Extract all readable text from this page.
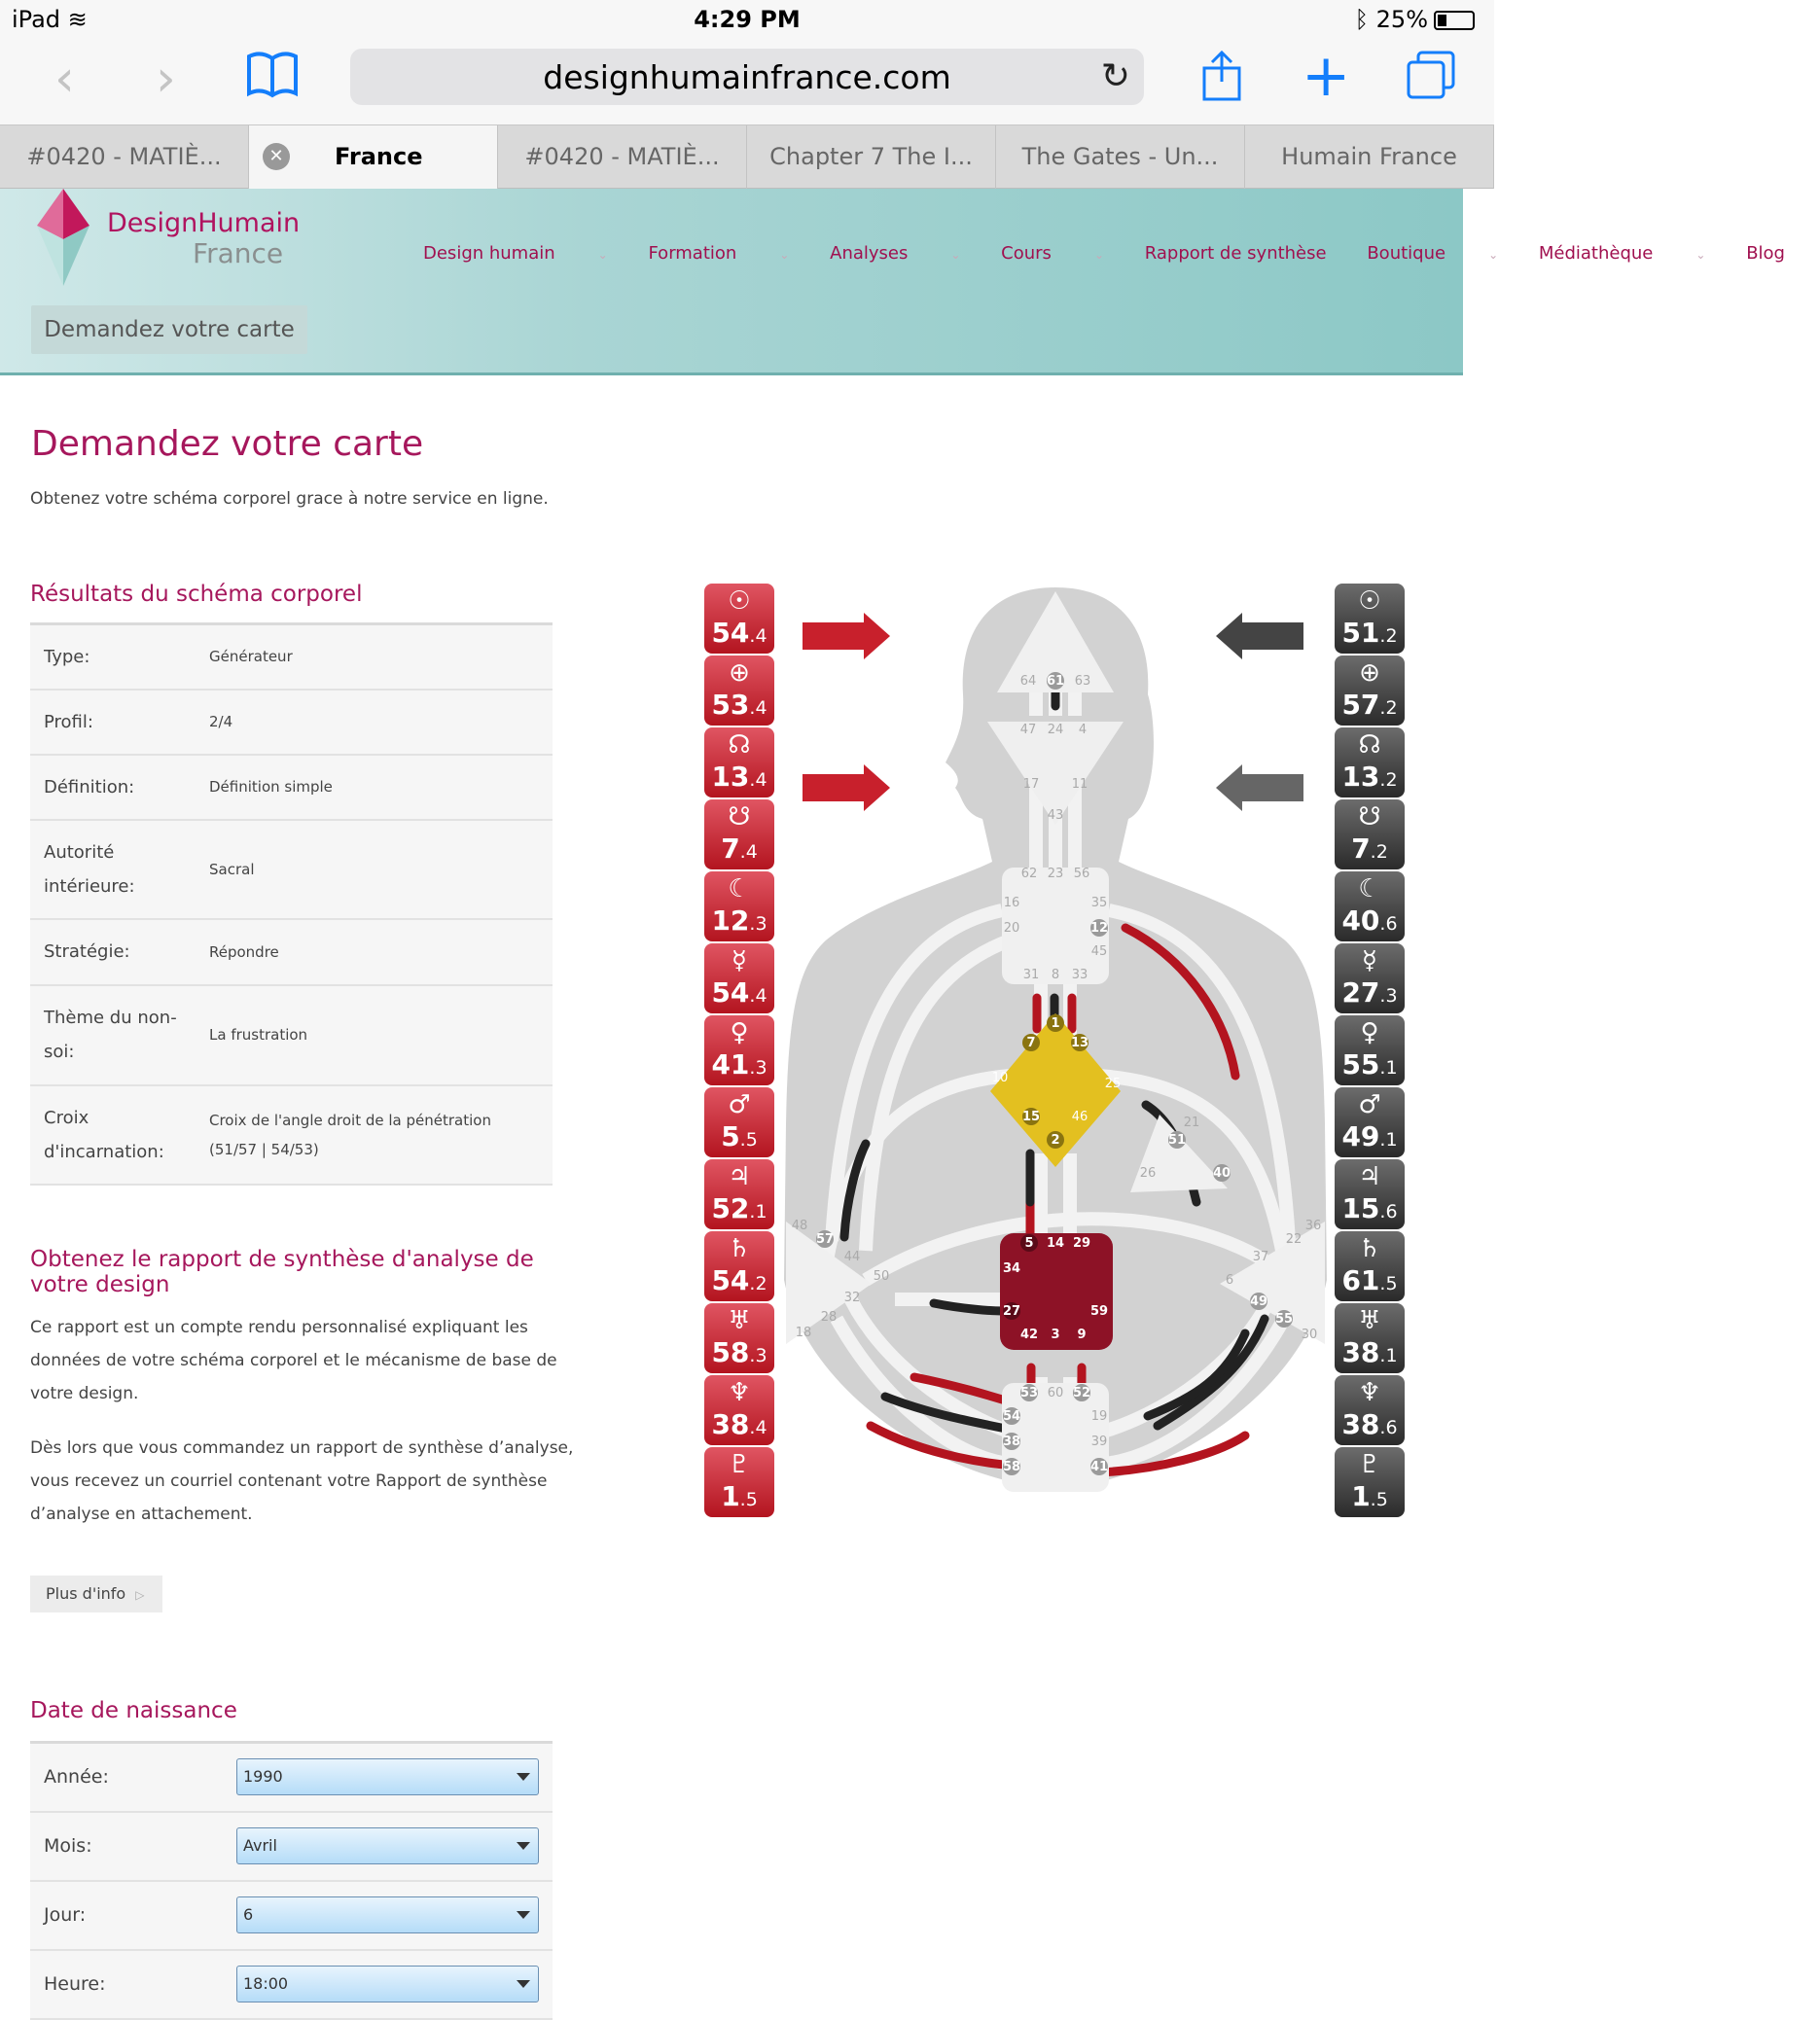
iPad ≋	4:29 PM	ᛒ 25%
‹ ›	designhumainfrance.com	↻	+
#0420 - MATIÈ...	✕ France	#0420 - MATIÈ...	Chapter 7 The I...	The Gates - Un...	Humain France
DesignHumain
France	Design humain	⌄ Formation	⌄ Analyses	⌄ Cours	⌄ Rapport de synthèse Boutique	⌄ Médiathèque	⌄ Blog
Demandez votre carte
Demandez votre carte
Obtenez votre schéma corporel grace à notre service en ligne.
Résultats du schéma corporel
Type:	Générateur
Profil:	2/4
Définition:	Définition simple
Autorité intérieure:	Sacral
Stratégie:	Répondre
Thème du non-soi:	La frustration
Croix d'incarnation:	Croix de l'angle droit de la pénétration (51/57 | 54/53)
Obtenez le rapport de synthèse d'analyse de votre design
Ce rapport est un compte rendu personnalisé expliquant les données de votre schéma corporel et le mécanisme de base de votre design.
Dès lors que vous commandez un rapport de synthèse d’analyse, vous recevez un courriel contenant votre Rapport de synthèse d’analyse en attachement.
Plus d'info ▷
Date de naissance
Année:	1990

Mois:	Avril

Jour:	6

Heure:	18:00
☉
54.4
⊕
53.4
☊
13.4
☋
7.4
☾
12.3
☿
54.4
♀
41.3
♂
5.5
♃
52.1
♄
54.2
♅
58.3
♆
38.4
♇
1.5
☉
51.2
⊕
57.2
☊
13.2
☋
7.2
☾
40.6
☿
27.3
♀
55.1
♂
49.1
♃
15.6
♄
61.5
♅
38.1
♆
38.6
♇
1.5
64 61 63
47 24 4
17	11
43
62 23 56
16	35
20	12
45
31 8 33
1
7	13
10	25
15	46
2
21
51
26	40
48
57
44
50
32
28
18
5 14 29
34
27	59
42 3 9
36
22
37
6
49
55
30
53 60 52
54	19
38	39
58	41
